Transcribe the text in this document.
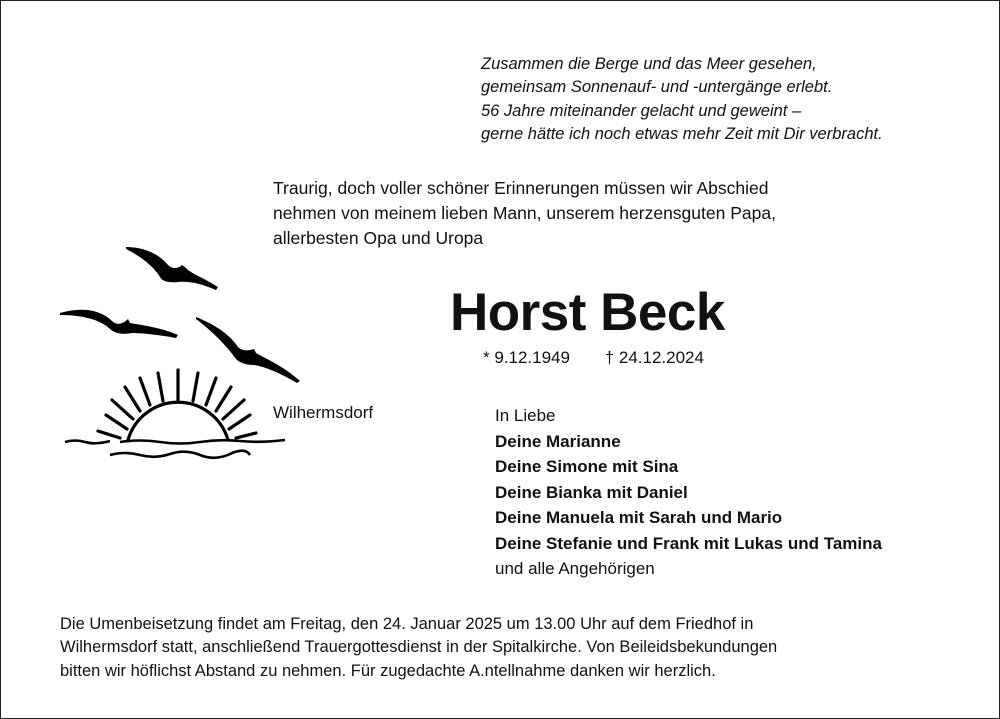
Zusammen die Berge und das Meer gesehen,
gemeinsam Sonnenauf- und -untergänge erlebt.
56 Jahre miteinander gelacht und geweint –
gerne hätte ich noch etwas mehr Zeit mit Dir verbracht.
Traurig, doch voller schöner Erinnerungen müssen wir Abschied
nehmen von meinem lieben Mann, unserem herzensguten Papa,
allerbesten Opa und Uropa
Horst Beck
* 9.12.1949 † 24.12.2024
Wilhermsdorf	In Liebe
Deine Marianne
Deine Simone mit Sina
Deine Bianka mit Daniel
Deine Manuela mit Sarah und Mario
Deine Stefanie und Frank mit Lukas und Tamina
und alle Angehörigen
Die Umenbeisetzung findet am Freitag, den 24. Januar 2025 um 13.00 Uhr auf dem Friedhof in
Wilhermsdorf statt, anschließend Trauergottesdienst in der Spitalkirche. Von Beileidsbekundungen
bitten wir höflichst Abstand zu nehmen. Für zugedachte A.ntellnahme danken wir herzlich.
